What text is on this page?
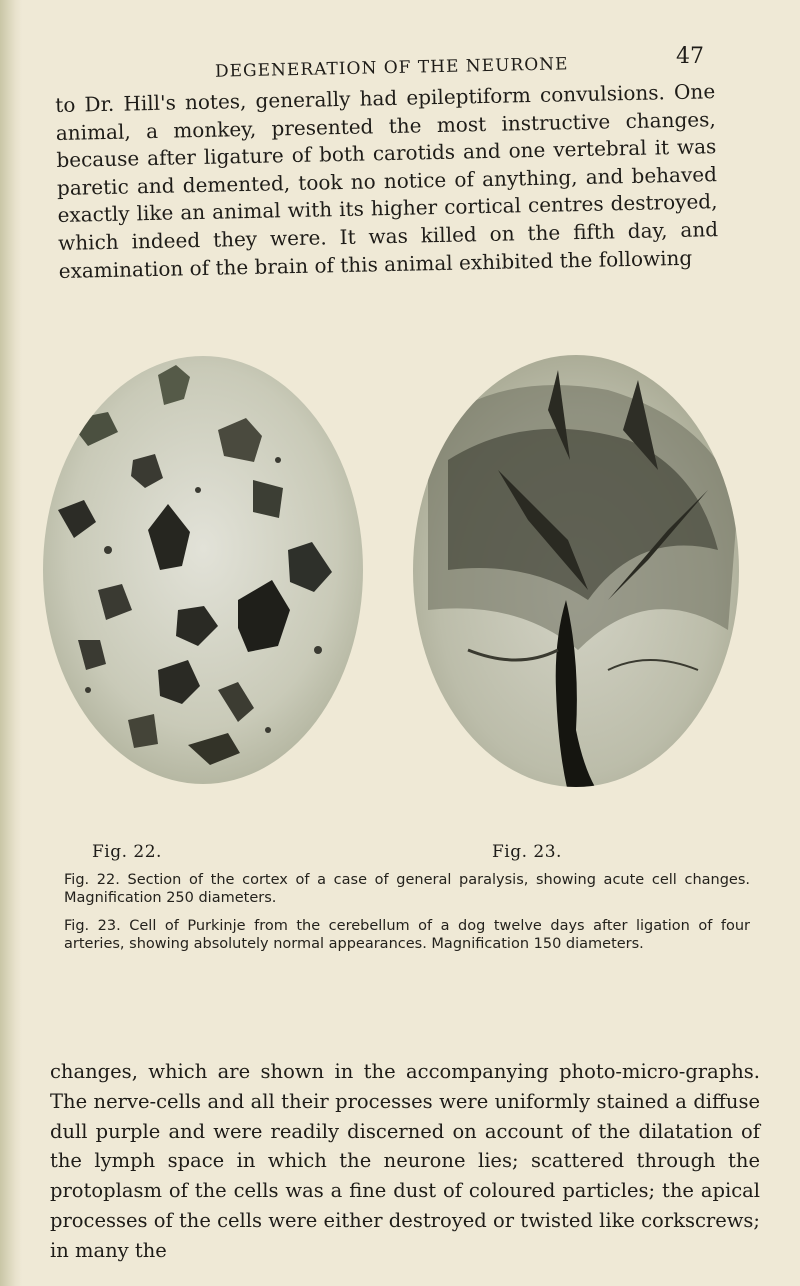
DEGENERATION OF THE NEURONE	47
to Dr. Hill's notes, generally had epileptiform convulsions. One animal, a monkey, presented the most instructive changes, because after ligature of both carotids and one vertebral it was paretic and demented, took no notice of anything, and behaved exactly like an animal with its higher cortical centres destroyed, which indeed they were. It was killed on the fifth day, and examination of the brain of this animal exhibited the following
Fig. 22.	Fig. 23.
Fig. 22. Section of the cortex of a case of general paralysis, showing acute cell changes. Magnification 250 diameters.
Fig. 23. Cell of Purkinje from the cerebellum of a dog twelve days after ligation of four arteries, showing absolutely normal appearances. Magnification 150 diameters.
changes, which are shown in the accompanying photo-micro-graphs. The nerve-cells and all their processes were uniformly stained a diffuse dull purple and were readily discerned on account of the dilatation of the lymph space in which the neurone lies; scattered through the protoplasm of the cells was a fine dust of coloured particles; the apical processes of the cells were either destroyed or twisted like corkscrews; in many the
